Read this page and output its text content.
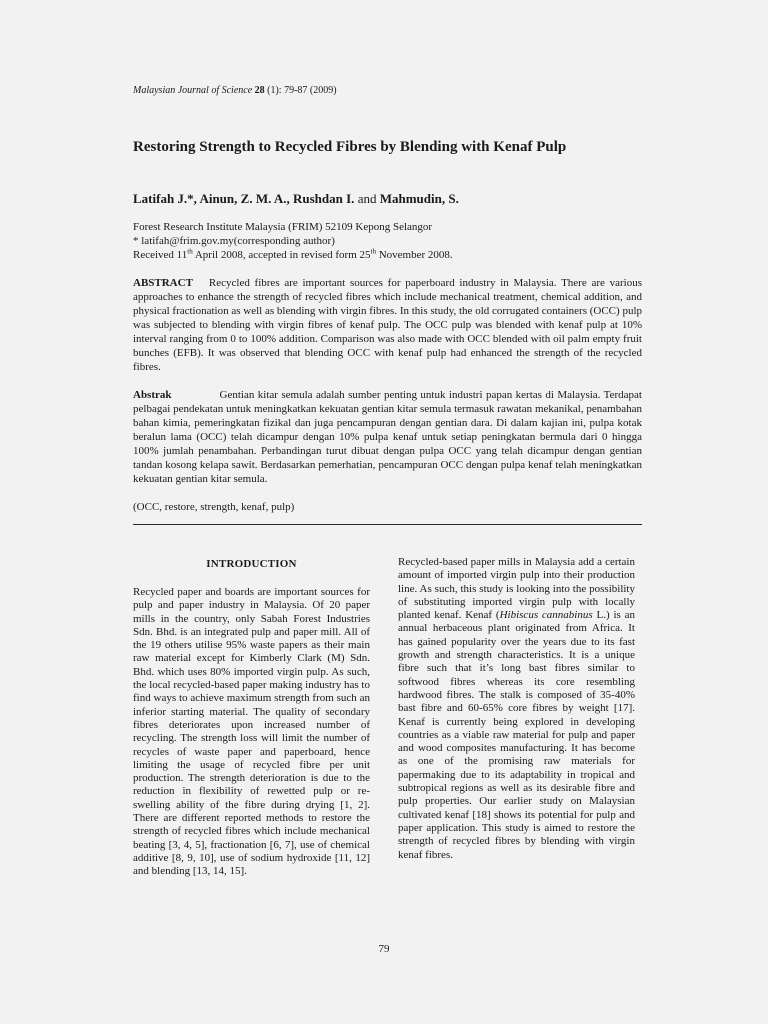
Malaysian Journal of Science 28 (1): 79-87 (2009)
Restoring Strength to Recycled Fibres by Blending with Kenaf Pulp
Latifah J.*, Ainun, Z. M. A., Rushdan I. and Mahmudin, S.
Forest Research Institute Malaysia (FRIM) 52109 Kepong Selangor
* latifah@frim.gov.my(corresponding author)
Received 11th April 2008, accepted in revised form 25th November 2008.

ABSTRACT Recycled fibres are important sources for paperboard industry in Malaysia. There are various approaches to enhance the strength of recycled fibres which include mechanical treatment, chemical addition, and physical fractionation as well as blending with virgin fibres. In this study, the old corrugated containers (OCC) pulp was subjected to blending with virgin fibres of kenaf pulp. The OCC pulp was blended with kenaf pulp at 10% interval ranging from 0 to 100% addition. Comparison was also made with OCC blended with oil palm empty fruit bunches (EFB). It was observed that blending OCC with kenaf pulp had enhanced the strength of the recycled fibres.

Abstrak	Gentian kitar semula adalah sumber penting untuk industri papan kertas di Malaysia. Terdapat pelbagai pendekatan untuk meningkatkan kekuatan gentian kitar semula termasuk rawatan mekanikal, penambahan bahan kimia, pemeringkatan fizikal dan juga pencampuran dengan gentian dara. Di dalam kajian ini, pulpa kotak beralun lama (OCC) telah dicampur dengan 10% pulpa kenaf untuk setiap peningkatan bermula dari 0 hingga 100% jumlah penambahan. Perbandingan turut dibuat dengan pulpa OCC yang telah dicampur dengan gentian tandan kosong kelapa sawit. Berdasarkan pemerhatian, pencampuran OCC dengan pulpa kenaf telah meningkatkan kekuatan gentian kitar semula.

(OCC, restore, strength, kenaf, pulp)
INTRODUCTION

Recycled paper and boards are important sources for pulp and paper industry in Malaysia. Of 20 paper mills in the country, only Sabah Forest Industries Sdn. Bhd. is an integrated pulp and paper mill. All of the 19 others utilise 95% waste papers as their main raw material except for Kimberly Clark (M) Sdn. Bhd. which uses 80% imported virgin pulp. As such, the local recycled-based paper making industry has to find ways to achieve maximum strength from such an inferior starting material. The quality of secondary fibres deteriorates upon increased number of recycling. The strength loss will limit the number of recycles of waste paper and paperboard, hence limiting the usage of recycled fibre per unit production. The strength deterioration is due to the reduction in flexibility of rewetted pulp or re-swelling ability of the fibre during drying [1, 2]. There are different reported methods to restore the strength of recycled fibres which include mechanical beating [3, 4, 5], fractionation [6, 7], use of chemical additive [8, 9, 10], use of sodium hydroxide [11, 12] and blending [13, 14, 15].

Recycled-based paper mills in Malaysia add a certain amount of imported virgin pulp into their production line. As such, this study is looking into the possibility of substituting imported virgin pulp with locally planted kenaf. Kenaf (Hibiscus cannabinus L.) is an annual herbaceous plant originated from Africa. It has gained popularity over the years due to its fast growth and strength characteristics. It is a unique fibre such that it’s long bast fibres similar to softwood fibres whereas its core resembling hardwood fibres. The stalk is composed of 35-40% bast fibre and 60-65% core fibres by weight [17]. Kenaf is currently being explored in developing countries as a viable raw material for pulp and paper and wood composites manufacturing. It has become as one of the promising raw materials for papermaking due to its adaptability in tropical and subtropical regions as well as its desirable fibre and pulp properties. Our earlier study on Malaysian cultivated kenaf [18] shows its potential for pulp and paper application. This study is aimed to restore the strength of recycled fibres by blending with virgin kenaf fibres.

79
